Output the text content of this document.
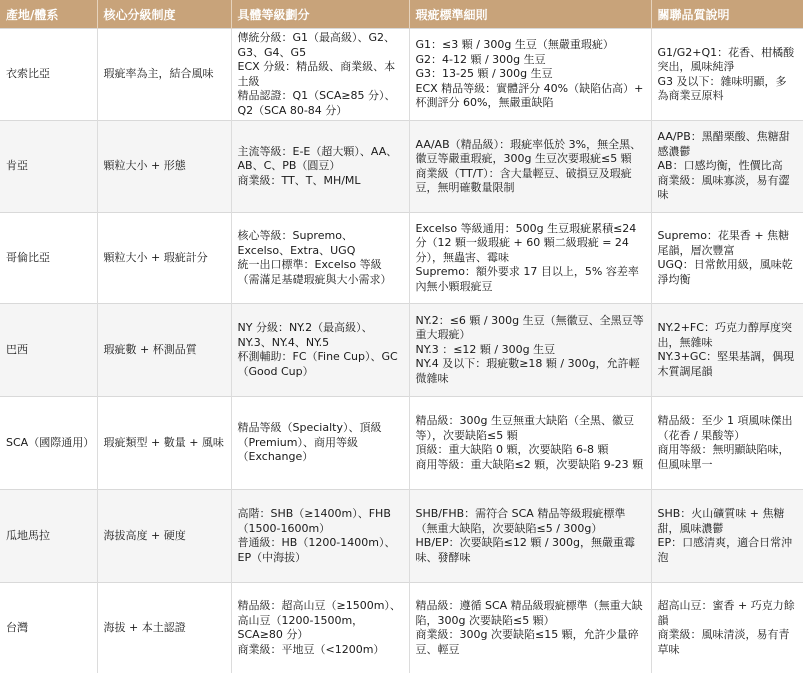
產地/體系	核心分級制度	具體等級劃分	瑕疵標準細則	關聯品質說明
衣索比亞	瑕疵率為主，結合風味	傳統分級：G1（最高級）、G2、G3、G4、G5
ECX 分級：精品級、商業級、本土級
精品認證：Q1（SCA≥85 分）、Q2（SCA 80-84 分）	G1：≤3 顆 / 300g 生豆（無嚴重瑕疵）
G2：4-12 顆 / 300g 生豆
G3：13-25 顆 / 300g 生豆
ECX 精品等級：實體評分 40%（缺陷佔高）+ 杯測評分 60%，無嚴重缺陷	G1/G2+Q1：花香、柑橘酸突出，風味純淨
G3 及以下：雜味明顯，多為商業豆原料

肯亞	顆粒大小 + 形態	主流等級：E-E（超大顆）、AA、AB、C、PB（圓豆）
商業級：TT、T、MH/ML	AA/AB（精品級）：瑕疵率低於 3%，無全黑、徽豆等嚴重瑕疵，300g 生豆次要瑕疵≤5 顆
商業級（TT/T）：含大量輕豆、破損豆及瑕疵豆，無明確數量限制	AA/PB：黑醋栗酸、焦糖甜感濃鬱
AB：口感均衡，性價比高
商業級：風味寡淡，易有澀味

哥倫比亞	顆粒大小 + 瑕疵計分	核心等級：Supremo、Excelso、Extra、UGQ
統一出口標準：Excelso 等級（需滿足基礎瑕疵與大小需求）	Excelso 等級通用：500g 生豆瑕疵累積≤24 分（12 顆一級瑕疵 + 60 顆二級瑕疵 = 24 分），無蟲害、霉味
Supremo：額外要求 17 目以上，5% 容差率內無小顆瑕疵豆	Supremo：花果香 + 焦糖尾韻，層次豐富
UGQ：日常飲用級，風味乾淨均衡

巴西	瑕疵數 + 杯測品質	NY 分級：NY.2（最高級）、NY.3、NY.4、NY.5
杯測輔助：FC（Fine Cup）、GC（Good Cup）	NY.2：≤6 顆 / 300g 生豆（無徽豆、全黑豆等重大瑕疵）
NY.3 ：≤12 顆 / 300g 生豆
NY.4 及以下：瑕疵數≥18 顆 / 300g，允許輕微雜味	NY.2+FC：巧克力醇厚度突出，無雜味
NY.3+GC：堅果基調，偶現木質調尾韻

SCA（國際通用）	瑕疵類型 + 數量 + 風味	精品等級（Specialty）、頂級（Premium）、商用等級（Exchange）	精品級：300g 生豆無重大缺陷（全黑、徽豆等），次要缺陷≤5 顆
頂級：重大缺陷 0 顆，次要缺陷 6-8 顆
商用等級：重大缺陷≤2 顆，次要缺陷 9-23 顆	精品級：至少 1 項風味傑出（花香 / 果酸等）
商用等級：無明顯缺陷味，但風味單一

瓜地馬拉	海拔高度 + 硬度	高階：SHB（≥1400m）、FHB（1500-1600m）
普通級：HB（1200-1400m）、EP（中海拔）	SHB/FHB：需符合 SCA 精品等級瑕疵標準（無重大缺陷，次要缺陷≤5 / 300g）
HB/EP：次要缺陷≤12 顆 / 300g，無嚴重霉味、發酵味	SHB：火山礦質味 + 焦糖甜，風味濃鬱
EP：口感清爽，適合日常沖泡

台灣	海拔 + 本土認證	精品級：超高山豆（≥1500m）、高山豆（1200-1500m，SCA≥80 分）
商業級：平地豆（<1200m）	精品級：遵循 SCA 精品級瑕疵標準（無重大缺陷，300g 次要缺陷≤5 顆）
商業級：300g 次要缺陷≤15 顆，允許少量碎豆、輕豆	超高山豆：蜜香 + 巧克力餘韻
商業級：風味清淡，易有青草味
